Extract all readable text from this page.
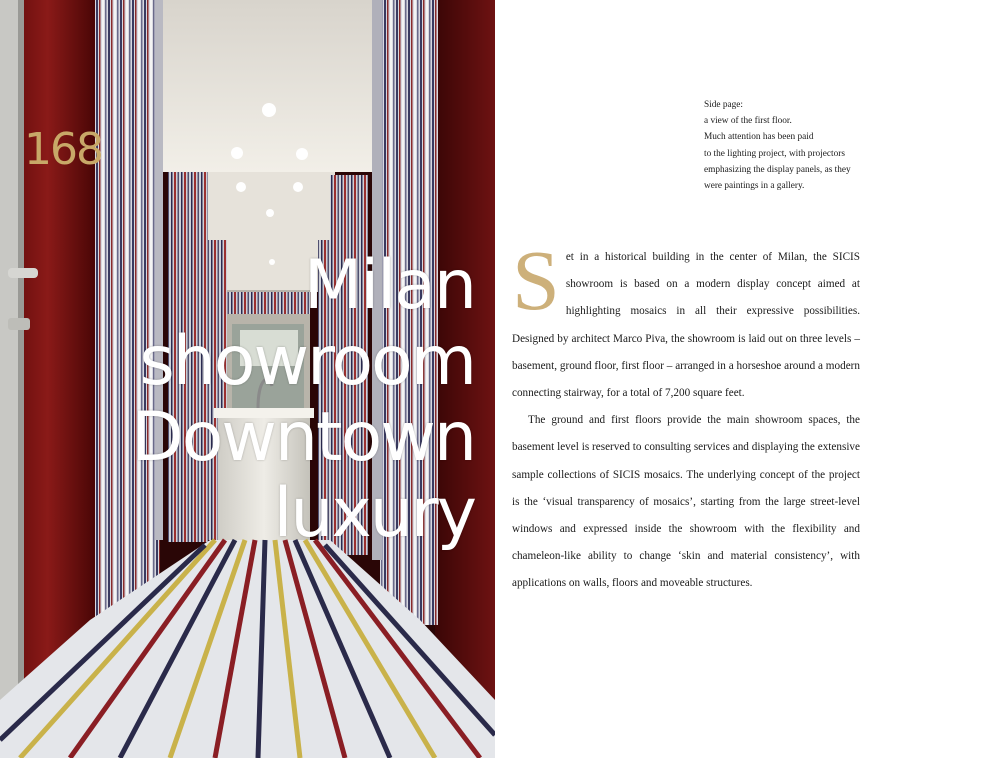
168
Milan
showroom
Downtown
luxury
Side page:
a view of the first floor.
Much attention has been paid
to the lighting project, with projectors
emphasizing the display panels, as they
were paintings in a gallery.

Set in a historical building in the center of Milan, the SICIS showroom is based on a modern display concept aimed at highlighting mosaics in all their expressive possibilities. Designed by architect Marco Piva, the showroom is laid out on three levels – basement, ground floor, first floor – arranged in a horseshoe around a modern connecting stairway, for a total of 7,200 square feet.

The ground and first floors provide the main showroom spaces, the basement level is reserved to consulting services and displaying the extensive sample collections of SICIS mosaics. The underlying concept of the project is the ‘visual transparency of mosaics’, starting from the large street-level windows and expressed inside the showroom with the flexibility and chameleon-like ability to change ‘skin and material consistency’, with applications on walls, floors and moveable structures.
